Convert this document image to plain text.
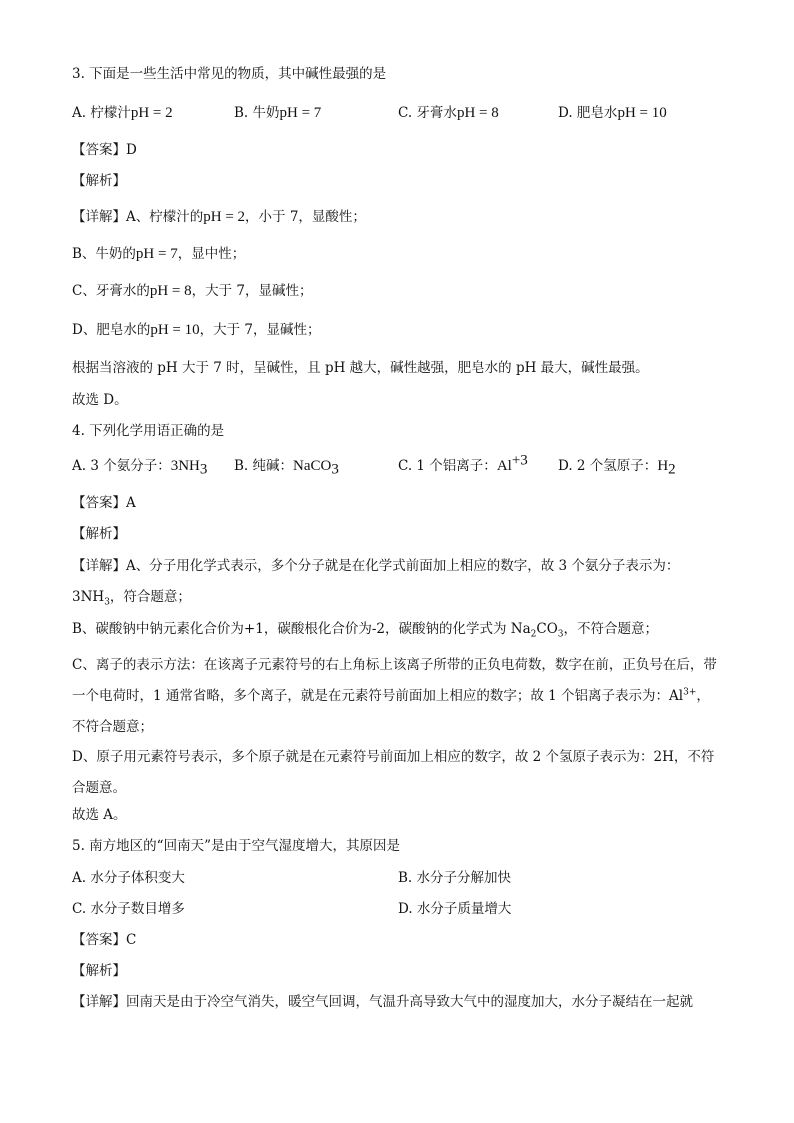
3. 下面是一些生活中常见的物质，其中碱性最强的是
A. 柠檬汁pH = 2	B. 牛奶pH = 7	C. 牙膏水pH = 8	D. 肥皂水pH = 10
【答案】D
【解析】
【详解】A、柠檬汁的pH = 2，小于 7，显酸性；
B、牛奶的pH = 7，显中性；
C、牙膏水的pH = 8，大于 7，显碱性；
D、肥皂水的pH = 10，大于 7，显碱性；
根据当溶液的 pH 大于 7 时，呈碱性，且 pH 越大，碱性越强，肥皂水的 pH 最大，碱性最强。
故选 D。
4. 下列化学用语正确的是
A. 3 个氨分子：$3NH_3$ B. 纯碱：NaCO$_3$	C. 1 个铝离子：$Al^{+3}$ D. 2 个氢原子：$H_2$
【答案】A
【解析】
【详解】A、分子用化学式表示，多个分子就是在化学式前面加上相应的数字，故 3 个氨分子表示为：
$3NH_3$，符合题意；
B、碳酸钠中钠元素化合价为+1，碳酸根化合价为-2，碳酸钠的化学式为 $Na_2CO_3$，不符合题意；
C、离子的表示方法：在该离子元素符号的右上角标上该离子所带的正负电荷数，数字在前，正负号在后，带一个电荷时，1 通常省略，多个离子，就是在元素符号前面加上相应的数字；故 1 个铝离子表示为：$Al^{3+}$，不符合题意；
D、原子用元素符号表示，多个原子就是在元素符号前面加上相应的数字，故 2 个氢原子表示为：2H，不符合题意。
故选 A。
5. 南方地区的“回南天”是由于空气湿度增大，其原因是
A. 水分子体积变大	B. 水分子分解加快
C. 水分子数目增多	D. 水分子质量增大
【答案】C
【解析】
【详解】回南天是由于冷空气消失，暖空气回调，气温升高导致大气中的湿度加大，水分子凝结在一起就
